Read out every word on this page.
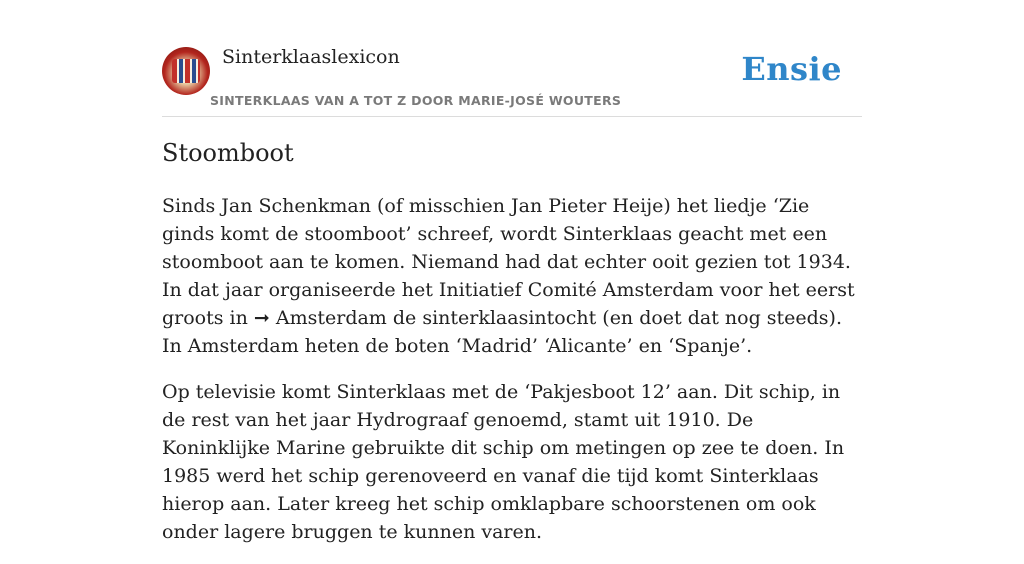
Sinterklaaslexicon
SINTERKLAAS VAN A TOT Z DOOR MARIE-JOSÉ WOUTERS
Ensie
Stoomboot

Sinds Jan Schenkman (of misschien Jan Pieter Heije) het liedje ‘Zie ginds komt de stoomboot’ schreef, wordt Sinterklaas geacht met een stoomboot aan te komen. Niemand had dat echter ooit gezien tot 1934. In dat jaar organiseerde het Initiatief Comité Amsterdam voor het eerst groots in ➞ Amsterdam de sinterklaasintocht (en doet dat nog steeds). In Amsterdam heten de boten ‘Madrid’ ‘Alicante’ en ‘Spanje’.

Op televisie komt Sinterklaas met de ‘Pakjesboot 12’ aan. Dit schip, in de rest van het jaar Hydrograaf genoemd, stamt uit 1910. De Koninklijke Marine gebruikte dit schip om metingen op zee te doen. In 1985 werd het schip gerenoveerd en vanaf die tijd komt Sinterklaas hierop aan. Later kreeg het schip omklapbare schoorstenen om ook onder lagere bruggen te kunnen varen.
